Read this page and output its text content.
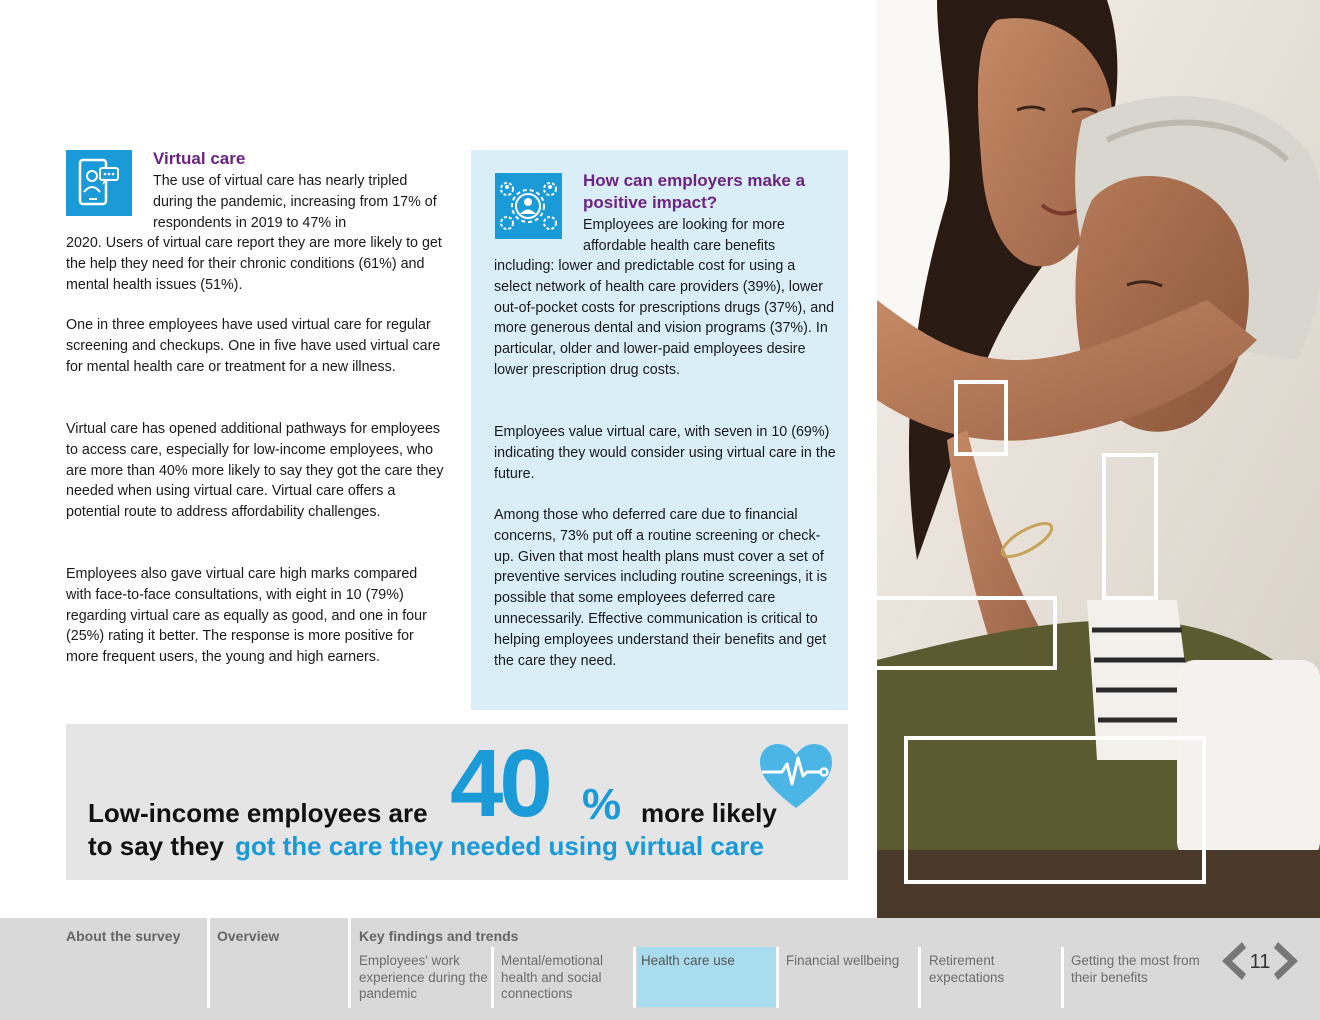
Virtual care
The use of virtual care has nearly tripled during the pandemic, increasing from 17% of respondents in 2019 to 47% in
2020. Users of virtual care report they are more likely to get the help they need for their chronic conditions (61%) and mental health issues (51%).
One in three employees have used virtual care for regular screening and checkups. One in five have used virtual care for mental health care or treatment for a new illness.
Virtual care has opened additional pathways for employees to access care, especially for low-income employees, who are more than 40% more likely to say they got the care they needed when using virtual care. Virtual care offers a potential route to address affordability challenges.
Employees also gave virtual care high marks compared with face-to-face consultations, with eight in 10 (79%) regarding virtual care as equally as good, and one in four (25%) rating it better. The response is more positive for more frequent users, the young and high earners.
How can employers make a positive impact?
Employees are looking for more affordable health care benefits
including: lower and predictable cost for using a select network of health care providers (39%), lower out-of-pocket costs for prescriptions drugs (37%), and more generous dental and vision programs (37%). In particular, older and lower-paid employees desire lower prescription drug costs.
Employees value virtual care, with seven in 10 (69%) indicating they would consider using virtual care in the future.
Among those who deferred care due to financial concerns, 73% put off a routine screening or check-up. Given that most health plans must cover a set of preventive services including routine screenings, it is possible that some employees deferred care unnecessarily. Effective communication is critical to helping employees understand their benefits and get the care they need.
Low-income employees are 40 % more likely
to say they got the care they needed using virtual care
About the survey	Overview	Key findings and trends
Employees' work experience during the pandemic
Mental/emotional health and social connections
Health care use	Financial wellbeing	Retirement expectations
Getting the most from their benefits
11
